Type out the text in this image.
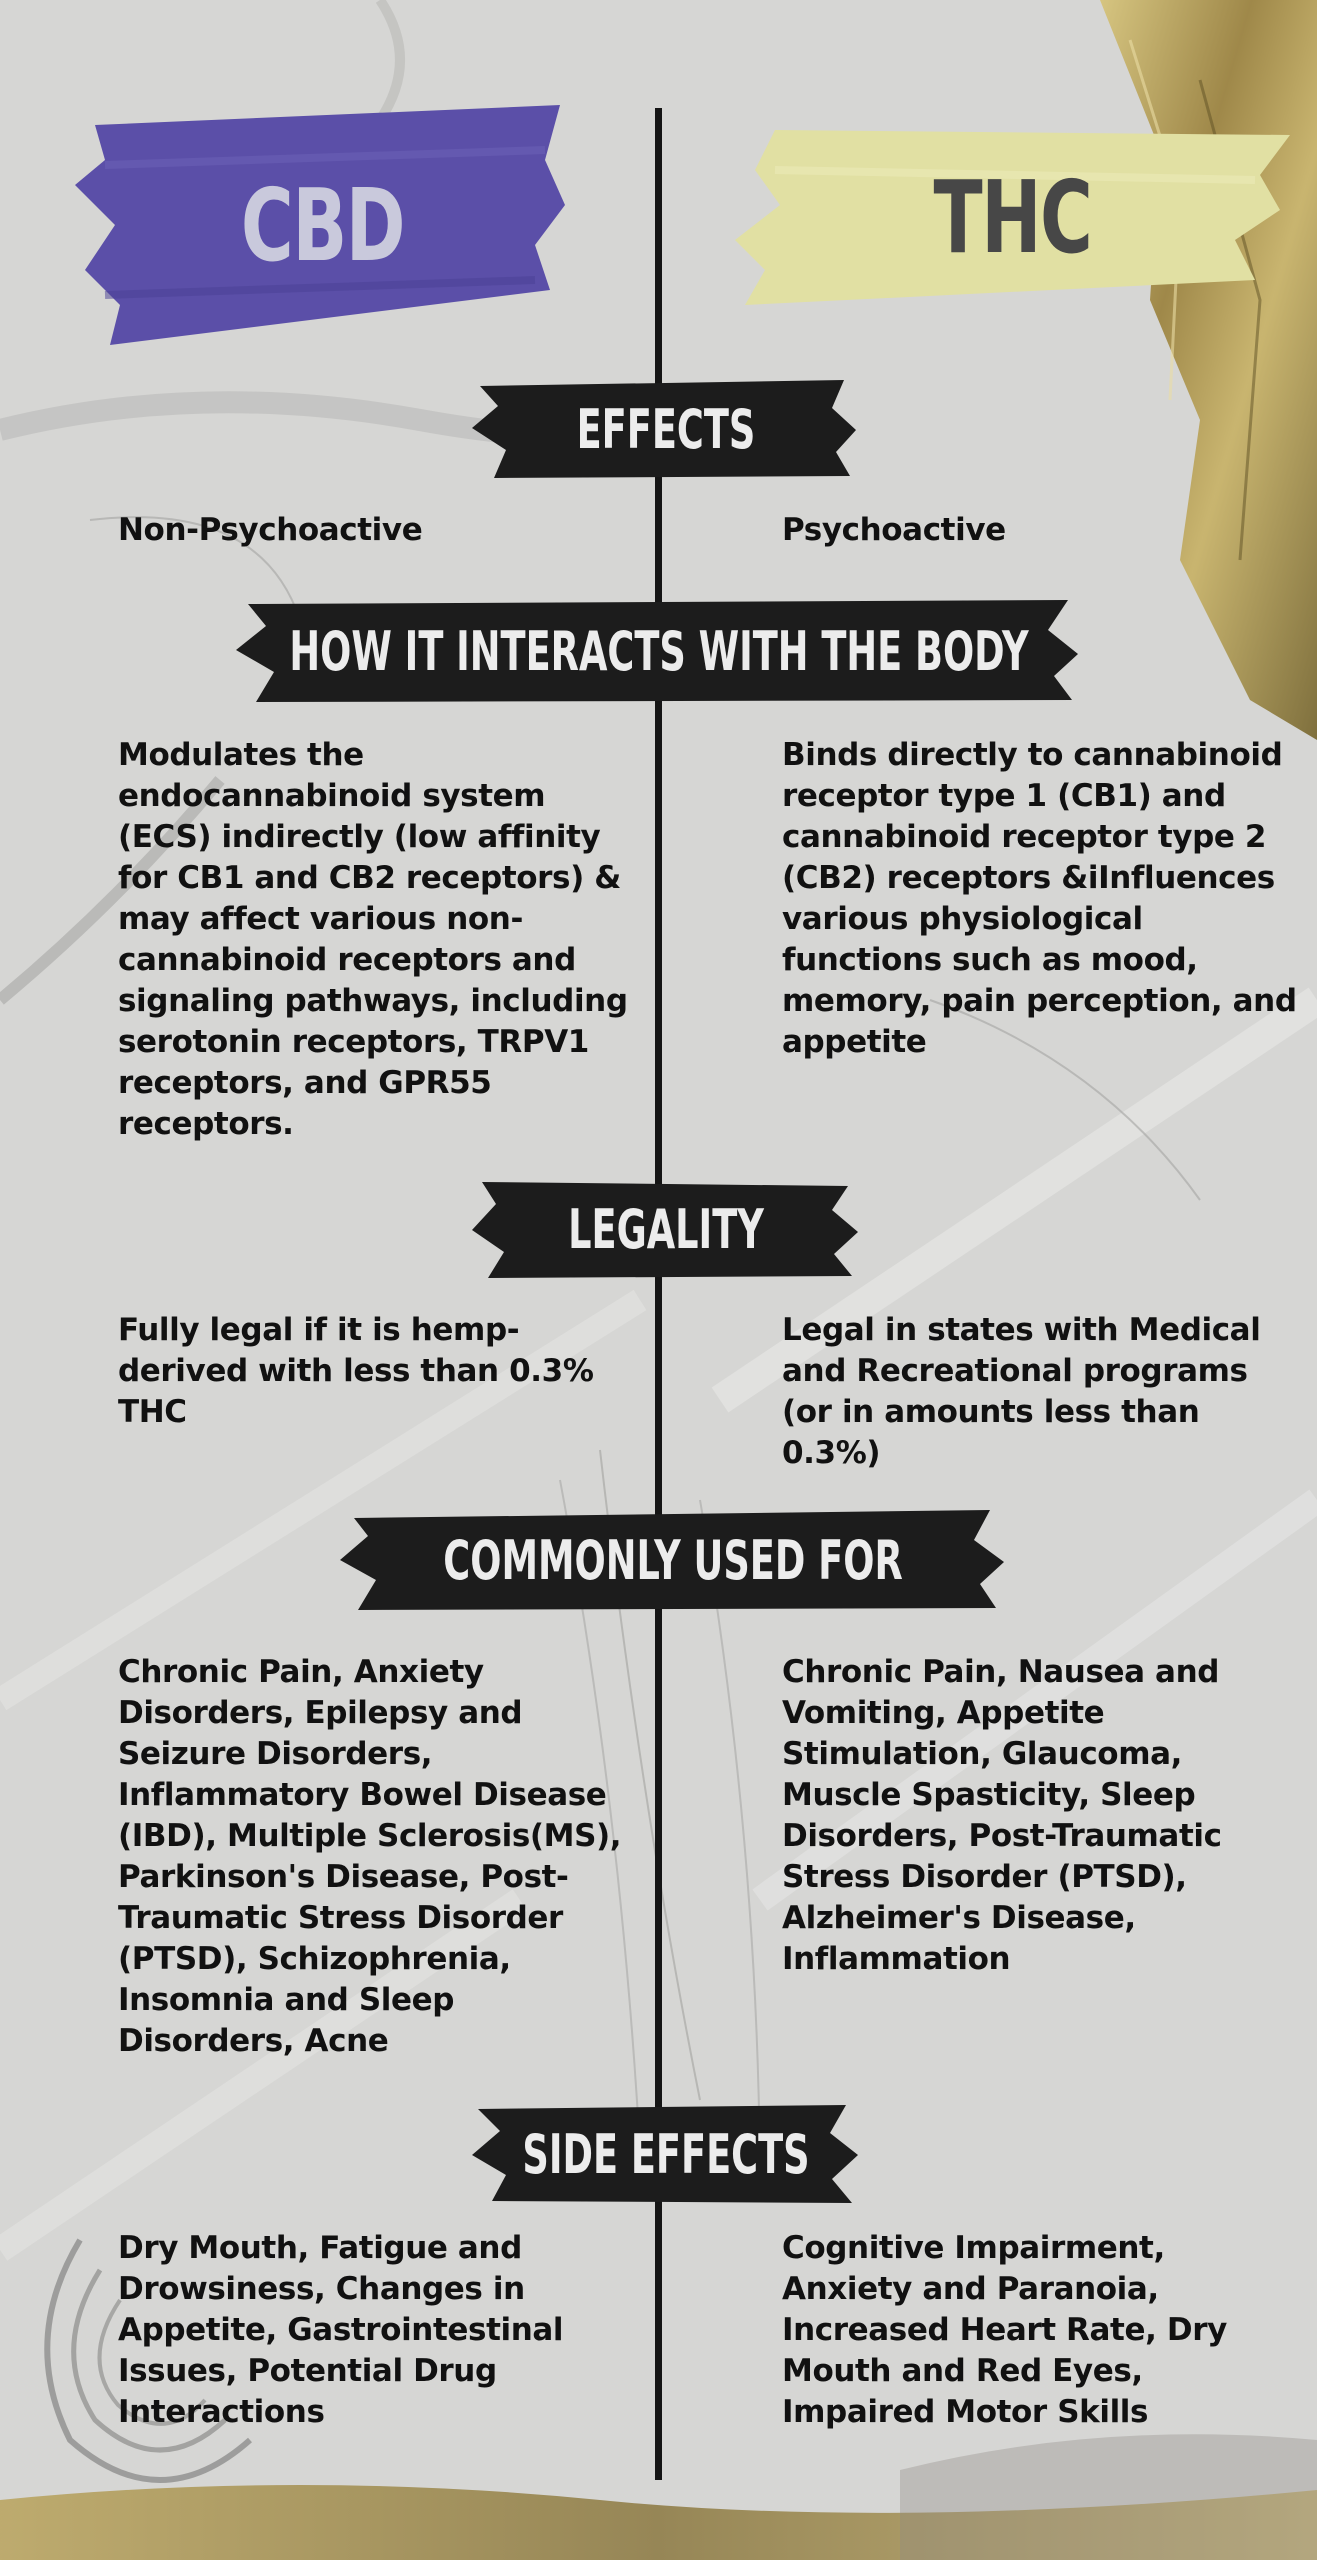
CBD	THC
EFFECTS

Non-Psychoactive	Psychoactive

HOW IT INTERACTS WITH THE BODY

Modulates the endocannabinoid system (ECS) indirectly (low affinity for CB1 and CB2 receptors) & may affect various non-cannabinoid receptors and signaling pathways, including serotonin receptors, TRPV1 receptors, and GPR55 receptors.

Binds directly to cannabinoid receptor type 1 (CB1) and cannabinoid receptor type 2 (CB2) receptors &iInfluences various physiological functions such as mood, memory, pain perception, and appetite

LEGALITY

Fully legal if it is hemp-derived with less than 0.3% THC

Legal in states with Medical and Recreational programs (or in amounts less than 0.3%)

COMMONLY USED FOR

Chronic Pain, Anxiety Disorders, Epilepsy and Seizure Disorders, Inflammatory Bowel Disease (IBD), Multiple Sclerosis(MS), Parkinson's Disease, Post-Traumatic Stress Disorder (PTSD), Schizophrenia, Insomnia and Sleep Disorders, Acne

Chronic Pain, Nausea and Vomiting, Appetite Stimulation, Glaucoma, Muscle Spasticity, Sleep Disorders, Post-Traumatic Stress Disorder (PTSD), Alzheimer's Disease, Inflammation

SIDE EFFECTS

Dry Mouth, Fatigue and Drowsiness, Changes in Appetite, Gastrointestinal Issues, Potential Drug Interactions

Cognitive Impairment, Anxiety and Paranoia, Increased Heart Rate, Dry Mouth and Red Eyes, Impaired Motor Skills
